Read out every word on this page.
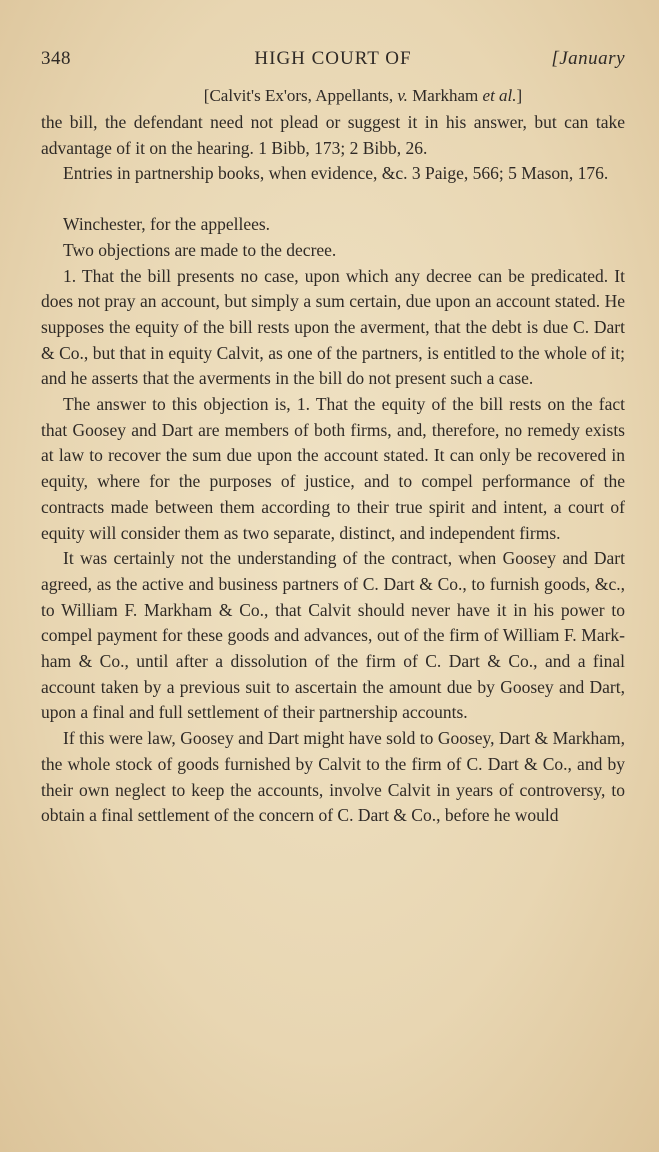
348	HIGH COURT OF	[January
[Calvit's Ex'ors, Appellants, v. Markham et al.]

the bill, the defendant need not plead or suggest it in his answer, but can take advantage of it on the hearing. 1 Bibb, 173; 2 Bibb, 26.

Entries in partnership books, when evidence, &c. 3 Paige, 566; 5 Mason, 176.

Winchester, for the appellees.

Two objections are made to the decree.

1. That the bill presents no case, upon which any decree can be predicated. It does not pray an account, but simply a sum certain, due upon an account stated. He supposes the equity of the bill rests upon the averment, that the debt is due C. Dart & Co., but that in equity Calvit, as one of the partners, is entitled to the whole of it; and he asserts that the averments in the bill do not present such a case.

The answer to this objection is, 1. That the equity of the bill rests on the fact that Goosey and Dart are members of both firms, and, therefore, no remedy exists at law to recover the sum due upon the account stated. It can only be recovered in equity, where for the purposes of justice, and to compel performance of the contracts made between them according to their true spirit and intent, a court of equity will consider them as two separate, distinct, and independent firms.

It was certainly not the understanding of the contract, when Goosey and Dart agreed, as the active and business partners of C. Dart & Co., to furnish goods, &c., to William F. Markham & Co., that Calvit should never have it in his power to compel payment for these goods and advances, out of the firm of William F. Mark-ham & Co., until after a dissolution of the firm of C. Dart & Co., and a final account taken by a previous suit to ascertain the amount due by Goosey and Dart, upon a final and full settlement of their partnership accounts.

If this were law, Goosey and Dart might have sold to Goosey, Dart & Markham, the whole stock of goods furnished by Calvit to the firm of C. Dart & Co., and by their own neglect to keep the accounts, involve Calvit in years of controversy, to obtain a final settlement of the concern of C. Dart & Co., before he would
